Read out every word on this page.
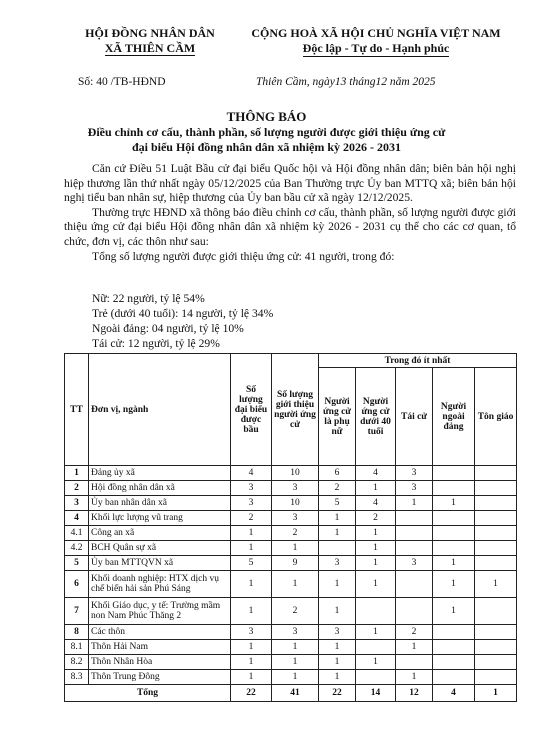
HỘI ĐỒNG NHÂN DÂN
XÃ THIÊN CẦM
CỘNG HOÀ XÃ HỘI CHỦ NGHĨA VIỆT NAM
Độc lập - Tự do - Hạnh phúc
Số: 40 /TB-HĐND	Thiên Cầm, ngày13 tháng12 năm 2025
THÔNG BÁO
Điều chỉnh cơ cấu, thành phần, số lượng người được giới thiệu ứng cử
đại biểu Hội đồng nhân dân xã nhiệm kỳ 2026 - 2031

Căn cứ Điều 51 Luật Bầu cử đại biểu Quốc hội và Hội đồng nhân dân; biên bản hội nghị hiệp thương lần thứ nhất ngày 05/12/2025 của Ban Thường trực Ủy ban MTTQ xã; biên bản hội nghị tiểu ban nhân sự, hiệp thương của Ủy ban bầu cử xã ngày 12/12/2025.

Thường trực HĐND xã thông báo điều chỉnh cơ cấu, thành phần, số lượng người được giới thiệu ứng cử đại biểu Hội đồng nhân dân xã nhiệm kỳ 2026 - 2031 cụ thể cho các cơ quan, tổ chức, đơn vị, các thôn như sau:

Tổng số lượng người được giới thiệu ứng cử: 41 người, trong đó:

Nữ: 22 người, tỷ lệ 54%
Trẻ (dưới 40 tuổi): 14 người, tỷ lệ 34%
Ngoài đảng: 04 người, tỷ lệ 10%
Tái cử: 12 người, tỷ lệ 29%
TT	Đơn vị, ngành	Số lượng đại biểu được bầu	Số lượng giới thiệu người ứng cử	Trong đó ít nhất				
				Người ứng cử là phụ nữ	Người ứng cử dưới 40 tuổi	Tái cử	Người ngoài đảng	Tôn giáo
1	Đảng ủy xã	4	10	6	4	3		
2	Hội đồng nhân dân xã	3	3	2	1	3		
3	Ủy ban nhân dân xã	3	10	5	4	1	1	
4	Khối lực lượng vũ trang	2	3	1	2			
4.1	Công an xã	1	2	1	1			
4.2	BCH Quân sự xã	1	1		1			
5	Ủy ban MTTQVN xã	5	9	3	1	3	1	
6	Khối doanh nghiệp: HTX dịch vụ chế biến hải sản Phú Sáng	1	1	1	1		1	1
7	Khối Giáo dục, y tế: Trường mầm non Nam Phúc Thăng 2	1	2	1			1	
8	Các thôn	3	3	3	1	2		
8.1	Thôn Hải Nam	1	1	1		1		
8.2	Thôn Nhân Hòa	1	1	1	1			
8.3	Thôn Trung Đông	1	1	1		1		
Tổng		22	41	22	14	12	4	1
